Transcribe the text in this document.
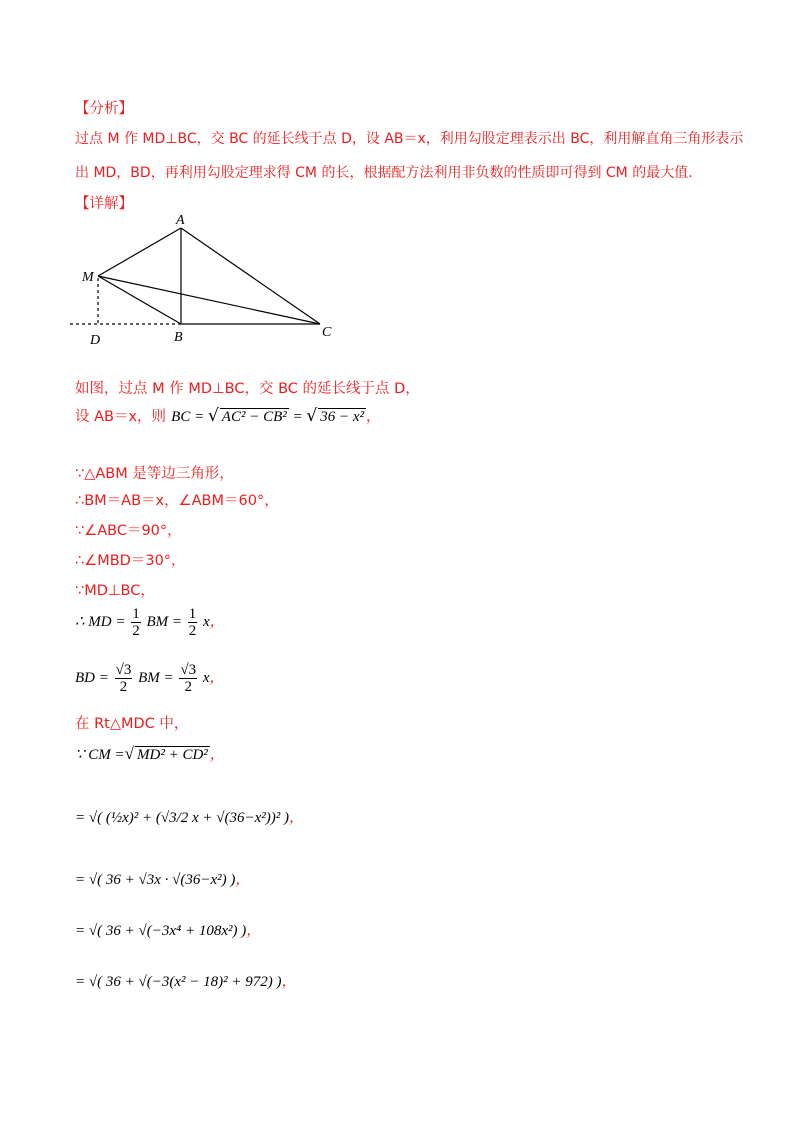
【分析】
过点 M 作 MD⊥BC，交 BC 的延长线于点 D，设 AB＝x，利用勾股定理表示出 BC，利用解直角三角形表示
出 MD，BD，再利用勾股定理求得 CM 的长，根据配方法利用非负数的性质即可得到 CM 的最大值.
【详解】
A
M
B	C
D
如图，过点 M 作 MD⊥BC，交 BC 的延长线于点 D，
设 AB＝x，则 BC = √ AC² − CB² = √ 36 − x² ，
∵△ABM 是等边三角形，
∴BM＝AB＝x，∠ABM＝60°，
∵∠ABC＝90°，
∴∠MBD＝30°，
∵MD⊥BC，
∴ MD = $\frac{1}{2}$ BM = $\frac{1}{2}$ x，
BD = $\frac{√3}{2}$ BM = $\frac{√3}{2}$ x，
在 Rt△MDC 中，
∵ CM =√ MD² + CD² ，
= √( (½x)² + (√3/2 x + √(36−x²))² )，
= √( 36 + √3x · √(36−x²) )，
= √( 36 + √(−3x⁴ + 108x²) )，
= √( 36 + √(−3(x² − 18)² + 972) )，
